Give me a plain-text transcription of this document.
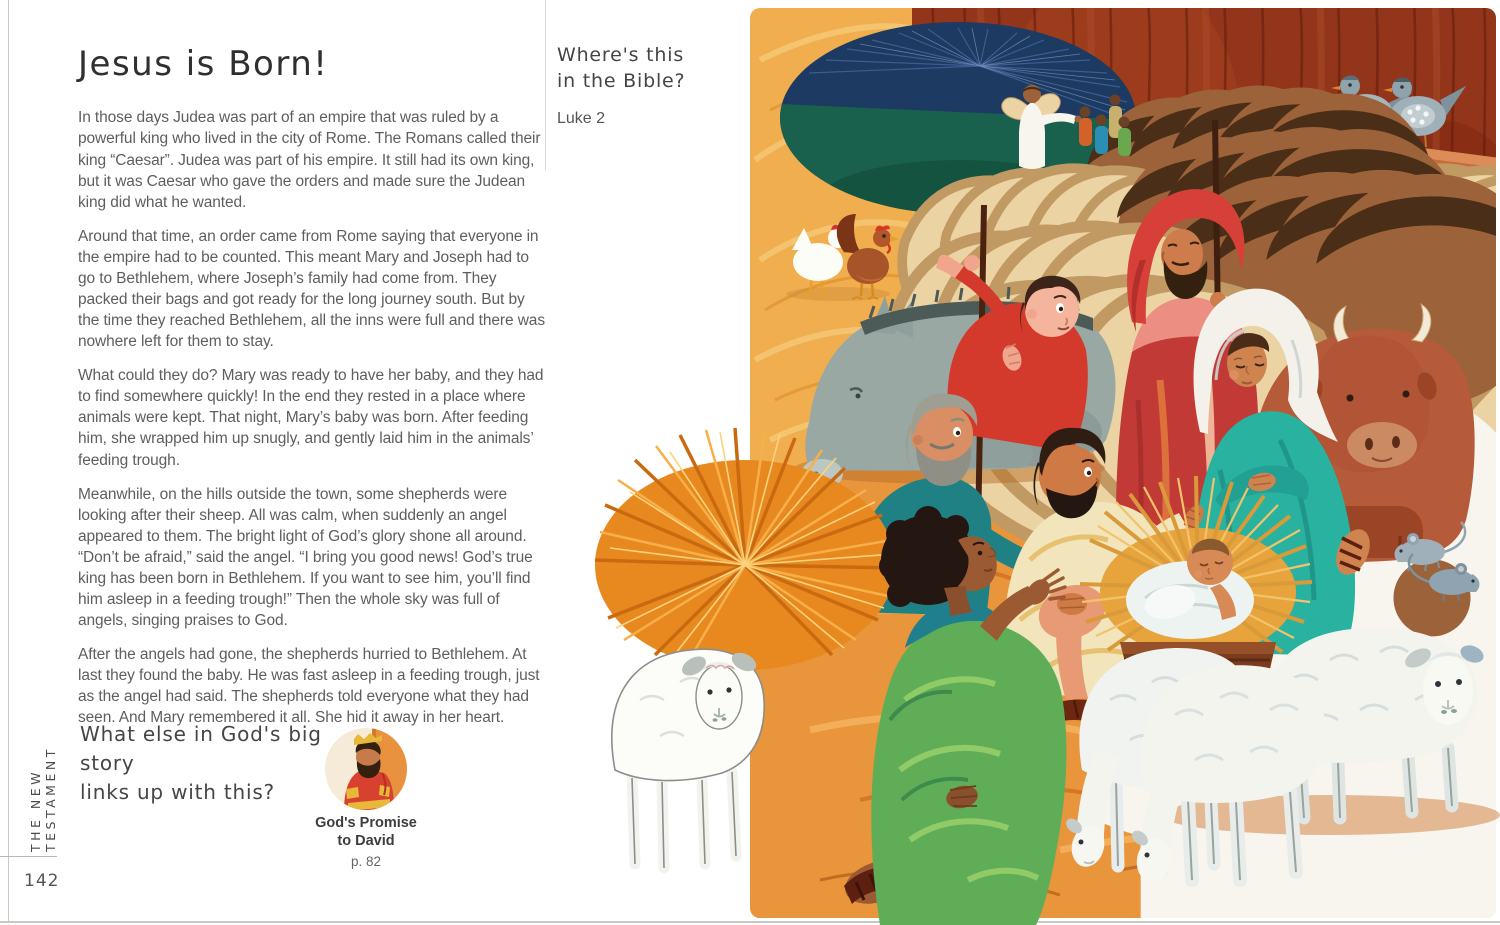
Jesus is Born!

In those days Judea was part of an empire that was ruled by a powerful king who lived in the city of Rome. The Romans called their king “Caesar”. Judea was part of his empire. It still had its own king, but it was Caesar who gave the orders and made sure the Judean king did what he wanted.

Around that time, an order came from Rome saying that everyone in the empire had to be counted. This meant Mary and Joseph had to go to Bethlehem, where Joseph’s family had come from. They packed their bags and got ready for the long journey south. But by the time they reached Bethlehem, all the inns were full and there was nowhere left for them to stay.

What could they do? Mary was ready to have her baby, and they had to find somewhere quickly! In the end they rested in a place where animals were kept. That night, Mary’s baby was born. After feeding him, she wrapped him up snugly, and gently laid him in the animals’ feeding trough.

Meanwhile, on the hills outside the town, some shepherds were looking after their sheep. All was calm, when suddenly an angel appeared to them. The bright light of God’s glory shone all around. “Don’t be afraid,” said the angel. “I bring you good news! God’s true king has been born in Bethlehem. If you want to see him, you’ll find him asleep in a feeding trough!” Then the whole sky was full of angels, singing praises to God.

After the angels had gone, the shepherds hurried to Bethlehem. At last they found the baby. He was fast asleep in a feeding trough, just as the angel had said. The shepherds told everyone what they had seen. And Mary remembered it all. She hid it away in her heart.

THE NEW TESTAMENT
142
What else in God's big story
links up with this?
God's Promise
to David
p. 82
Where's this
in the Bible?
Luke 2
